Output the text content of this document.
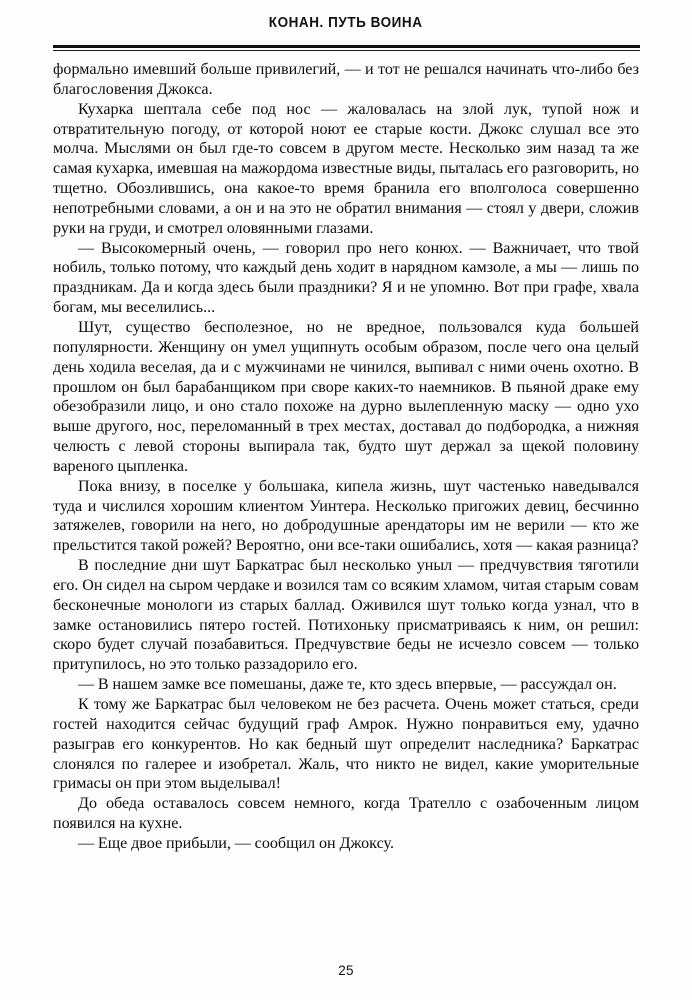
КОНАН. ПУТЬ ВОИНА

формально имевший больше привилегий, — и тот не решался начинать что-либо без благословения Джокса.

Кухарка шептала себе под нос — жаловалась на злой лук, тупой нож и отвратительную погоду, от которой ноют ее старые кости. Джокс слушал все это молча. Мыслями он был где-то совсем в другом месте. Несколько зим назад та же самая кухарка, имевшая на мажордома известные виды, пыталась его разговорить, но тщетно. Обозлившись, она какое-то время бранила его вполголоса совершенно непотребными словами, а он и на это не обратил внимания — стоял у двери, сложив руки на груди, и смотрел оловянными глазами.

— Высокомерный очень, — говорил про него конюх. — Важничает, что твой нобиль, только потому, что каждый день ходит в нарядном камзоле, а мы — лишь по праздникам. Да и когда здесь были праздники? Я и не упомню. Вот при графе, хвала богам, мы веселились...

Шут, существо бесполезное, но не вредное, пользовался куда большей популярности. Женщину он умел ущипнуть особым образом, после чего она целый день ходила веселая, да и с мужчинами не чинился, выпивал с ними очень охотно. В прошлом он был барабанщиком при своре каких-то наемников. В пьяной драке ему обезобразили лицо, и оно стало похоже на дурно вылепленную маску — одно ухо выше другого, нос, переломанный в трех местах, доставал до подбородка, а нижняя челюсть с левой стороны выпирала так, будто шут держал за щекой половину вареного цыпленка.

Пока внизу, в поселке у большака, кипела жизнь, шут частенько наведывался туда и числился хорошим клиентом Уинтера. Несколько пригожих девиц, бесчинно затяжелев, говорили на него, но добродушные арендаторы им не верили — кто же прельстится такой рожей? Вероятно, они все-таки ошибались, хотя — какая разница?

В последние дни шут Баркатрас был несколько уныл — предчувствия тяготили его. Он сидел на сыром чердаке и возился там со всяким хламом, читая старым совам бесконечные монологи из старых баллад. Оживился шут только когда узнал, что в замке остановились пятеро гостей. Потихоньку присматриваясь к ним, он решил: скоро будет случай позабавиться. Предчувствие беды не исчезло совсем — только притупилось, но это только раззадорило его.

— В нашем замке все помешаны, даже те, кто здесь впервые, — рассуждал он.

К тому же Баркатрас был человеком не без расчета. Очень может статься, среди гостей находится сейчас будущий граф Амрок. Нужно понравиться ему, удачно разыграв его конкурентов. Но как бедный шут определит наследника? Баркатрас слонялся по галерее и изобретал. Жаль, что никто не видел, какие уморительные гримасы он при этом выделывал!

До обеда оставалось совсем немного, когда Трателло с озабоченным лицом появился на кухне.

— Еще двое прибыли, — сообщил он Джоксу.

25
